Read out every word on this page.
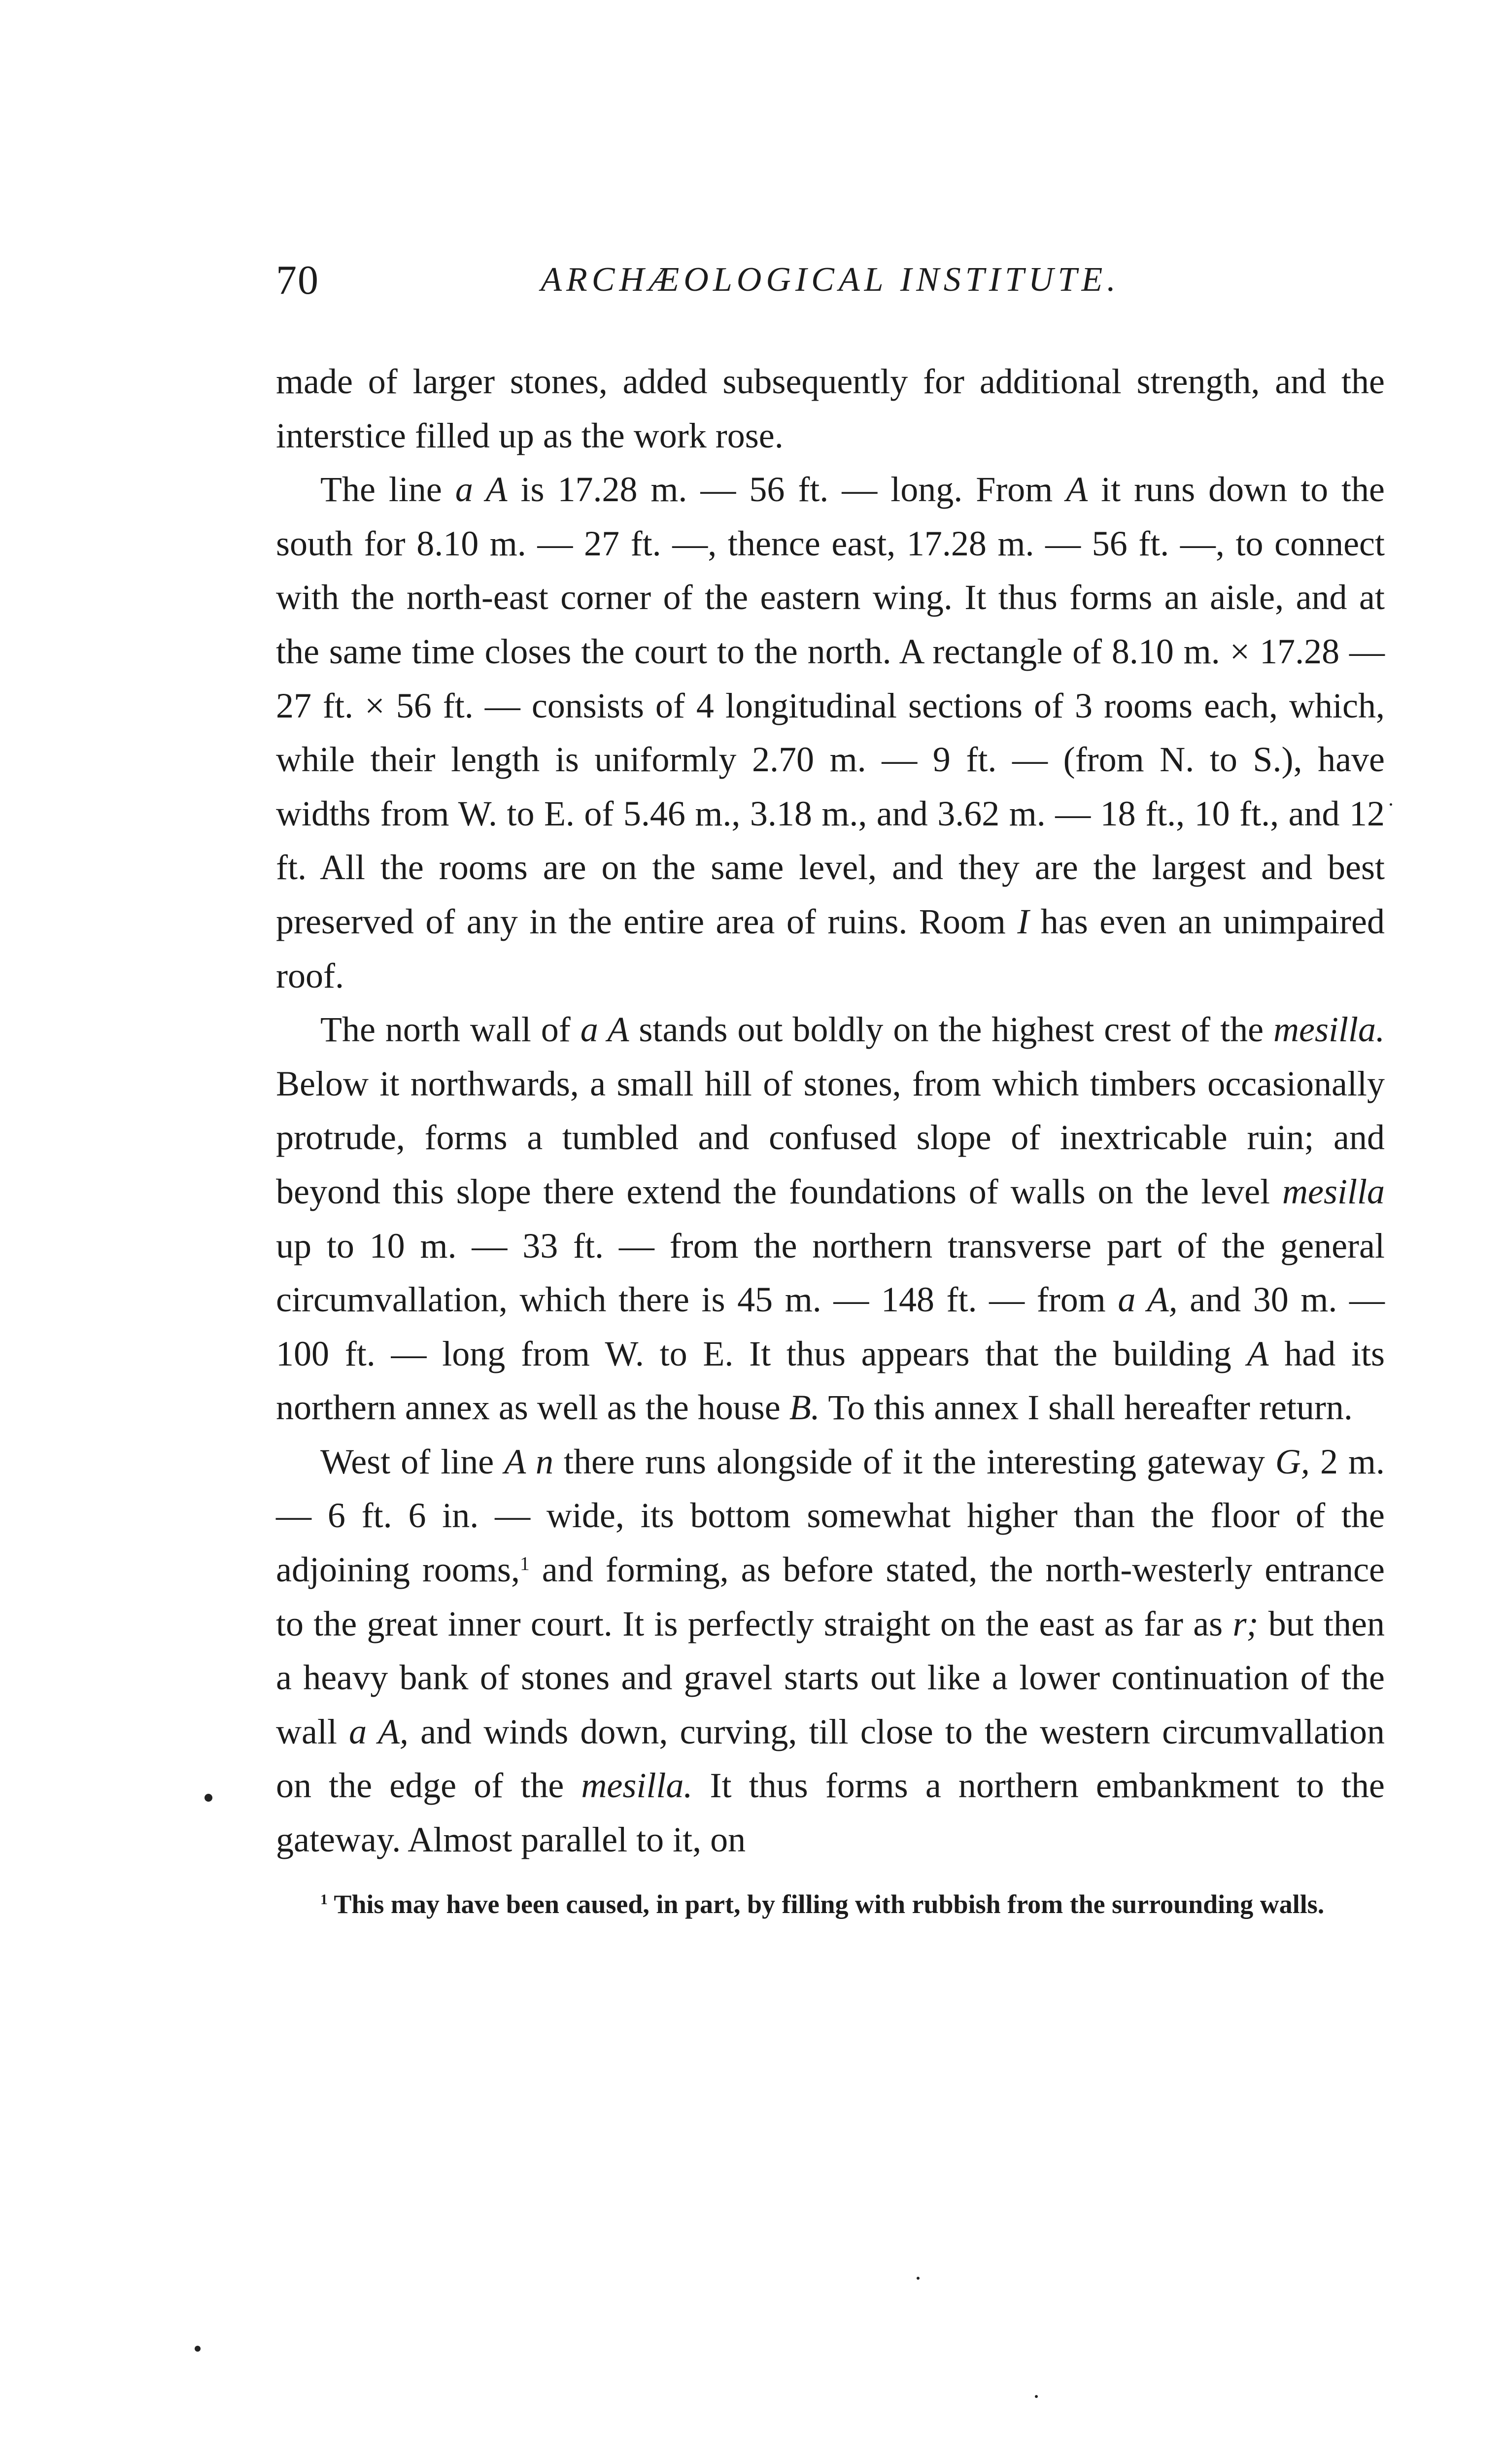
70	ARCHÆOLOGICAL INSTITUTE.

made of larger stones, added subsequently for additional strength, and the interstice filled up as the work rose.

The line a A is 17.28 m. — 56 ft. — long. From A it runs down to the south for 8.10 m. — 27 ft. —, thence east, 17.28 m. — 56 ft. —, to connect with the north-east corner of the eastern wing. It thus forms an aisle, and at the same time closes the court to the north. A rectangle of 8.10 m. × 17.28 — 27 ft. × 56 ft. — consists of 4 longitudinal sections of 3 rooms each, which, while their length is uniformly 2.70 m. — 9 ft. — (from N. to S.), have widths from W. to E. of 5.46 m., 3.18 m., and 3.62 m. — 18 ft., 10 ft., and 12 ft. All the rooms are on the same level, and they are the largest and best preserved of any in the entire area of ruins. Room I has even an unimpaired roof.

The north wall of a A stands out boldly on the highest crest of the mesilla. Below it northwards, a small hill of stones, from which timbers occasionally protrude, forms a tumbled and confused slope of inextricable ruin; and beyond this slope there extend the foundations of walls on the level mesilla up to 10 m. — 33 ft. — from the northern transverse part of the general circumvallation, which there is 45 m. — 148 ft. — from a A, and 30 m. — 100 ft. — long from W. to E. It thus appears that the building A had its northern annex as well as the house B. To this annex I shall hereafter return.

West of line A n there runs alongside of it the interesting gateway G, 2 m. — 6 ft. 6 in. — wide, its bottom somewhat higher than the floor of the adjoining rooms,$^1$ and forming, as before stated, the north-westerly entrance to the great inner court. It is perfectly straight on the east as far as r; but then a heavy bank of stones and gravel starts out like a lower continuation of the wall a A, and winds down, curving, till close to the western circumvallation on the edge of the mesilla. It thus forms a northern embankment to the gateway. Almost parallel to it, on

$^1$ This may have been caused, in part, by filling with rubbish from the surrounding walls.
